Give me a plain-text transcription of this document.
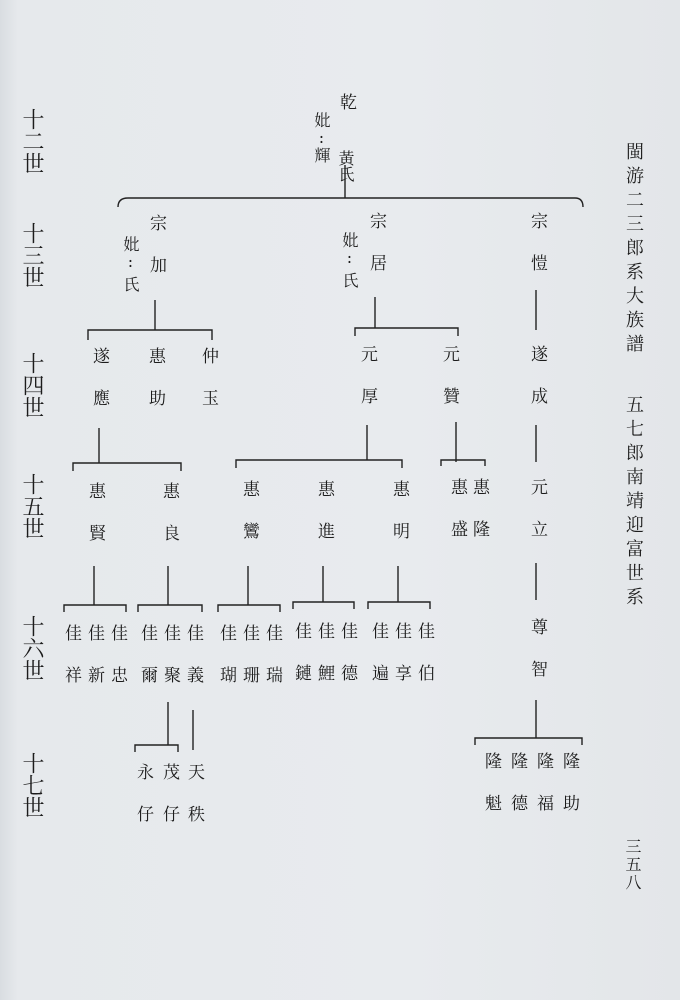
十二世
十三世
十四世
十五世
十六世
十七世
閩游二三郎系大族譜
五七郎南靖迎富世系
三五八
乾
妣:輝
黃氏
宗加
妣:
氏	宗居
妣:
氏	宗愷
遂應 惠助 仲玉	元厚	元贊	遂成
惠賢	惠良	惠鸞	惠進	惠明 惠盛 惠隆 元立
佳祥 佳新 佳忠 佳爾 佳聚 佳義 佳瑚 佳珊 佳瑞 佳鏈 佳鯉 佳德 佳遍 佳享 佳伯	尊智
永仔 茂仔 天秩	隆魁 隆德 隆福 隆助
